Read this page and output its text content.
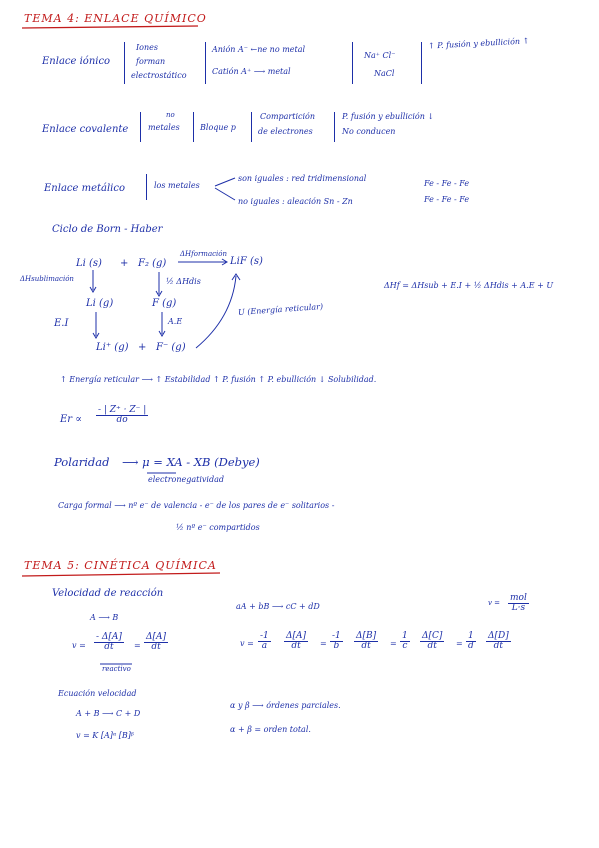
TEMA 4: ENLACE QUÍMICO
Enlace iónico
Iones
forman
electrostático
Anión A⁻ ←ne no metal
Catión A⁺ ⟶ metal
Na⁺ Cl⁻
NaCl
↑ P. fusión y ebullición ↑
Enlace covalente
no
metales	Bloque p
Compartición
de electrones
P. fusión y ebullición ↓
No conducen
Enlace metálico	los metales
son iguales : red tridimensional
no iguales : aleación Sn - Zn
Fe - Fe - Fe
Fe - Fe - Fe
Ciclo de Born - Haber
Li (s) + F₂ (g)
ΔHformación
LiF (s)
ΔHsublimación	½ ΔHdis
Li (g)	F (g)
A.E
E.I
U (Energía reticular)
Li⁺ (g) + F⁻ (g)
ΔHf = ΔHsub + E.I + ½ ΔHdis + A.E + U
↑ Energía reticular ⟶ ↑ Estabilidad ↑ P. fusión ↑ P. ebullición ↓ Solubilidad.
$Er \propto \frac{- | Z^+ \cdot Z^- |}{do}$
Polaridad ⟶ μ = XA - XB (Debye)
electronegatividad
Carga formal ⟶ nº e⁻ de valencia - e⁻ de los pares de e⁻ solitarios -
½ nº e⁻ compartidos
TEMA 5: CINÉTICA QUÍMICA
Velocidad de reacción
A ⟶ B
aA + bB ⟶ cC + dD	v = mol
L·s
$v = \frac{- \Delta[A]}{dt} = \frac{\Delta[A]}{dt}$
reactivo
$v = \frac{-1}{a} \frac{\Delta[A]}{dt} = \frac{-1}{b} \frac{\Delta[B]}{dt} = \frac{1}{c} \frac{\Delta[C]}{dt} = \frac{1}{d} \frac{\Delta[D]}{dt}$
Ecuación velocidad
A + B ⟶ C + D
v = K [A]ᵅ [B]ᵝ
α y β ⟶ órdenes parciales.
α + β = orden total.
